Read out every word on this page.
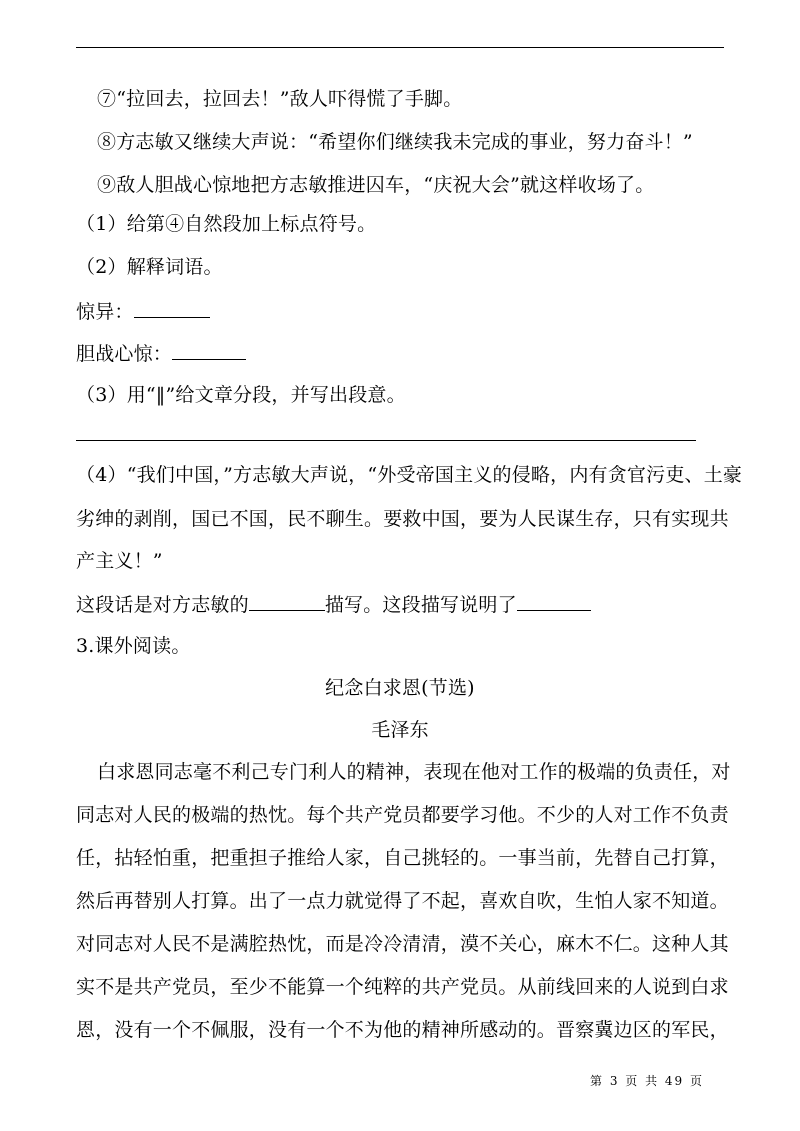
⑦“拉回去，拉回去！”敌人吓得慌了手脚。
⑧方志敏又继续大声说：“希望你们继续我未完成的事业，努力奋斗！”
⑨敌人胆战心惊地把方志敏推进囚车，“庆祝大会”就这样收场了。
（1）给第④自然段加上标点符号。
（2）解释词语。
惊异：
胆战心惊：
（3）用“‖”给文章分段，并写出段意。
（4）“我们中国，”方志敏大声说，“外受帝国主义的侵略，内有贪官污吏、土豪
劣绅的剥削，国已不国，民不聊生。要救中国，要为人民谋生存，只有实现共
产主义！”
这段话是对方志敏的	描写。这段描写说明了
3.课外阅读。
纪念白求恩(节选)
毛泽东
白求恩同志毫不利己专门利人的精神，表现在他对工作的极端的负责任，对
同志对人民的极端的热忱。每个共产党员都要学习他。不少的人对工作不负责
任，拈轻怕重，把重担子推给人家，自己挑轻的。一事当前，先替自己打算，
然后再替别人打算。出了一点力就觉得了不起，喜欢自吹，生怕人家不知道。
对同志对人民不是满腔热忱，而是冷冷清清，漠不关心，麻木不仁。这种人其
实不是共产党员，至少不能算一个纯粹的共产党员。从前线回来的人说到白求
恩，没有一个不佩服，没有一个不为他的精神所感动的。晋察冀边区的军民，
第 3 页 共 49 页
